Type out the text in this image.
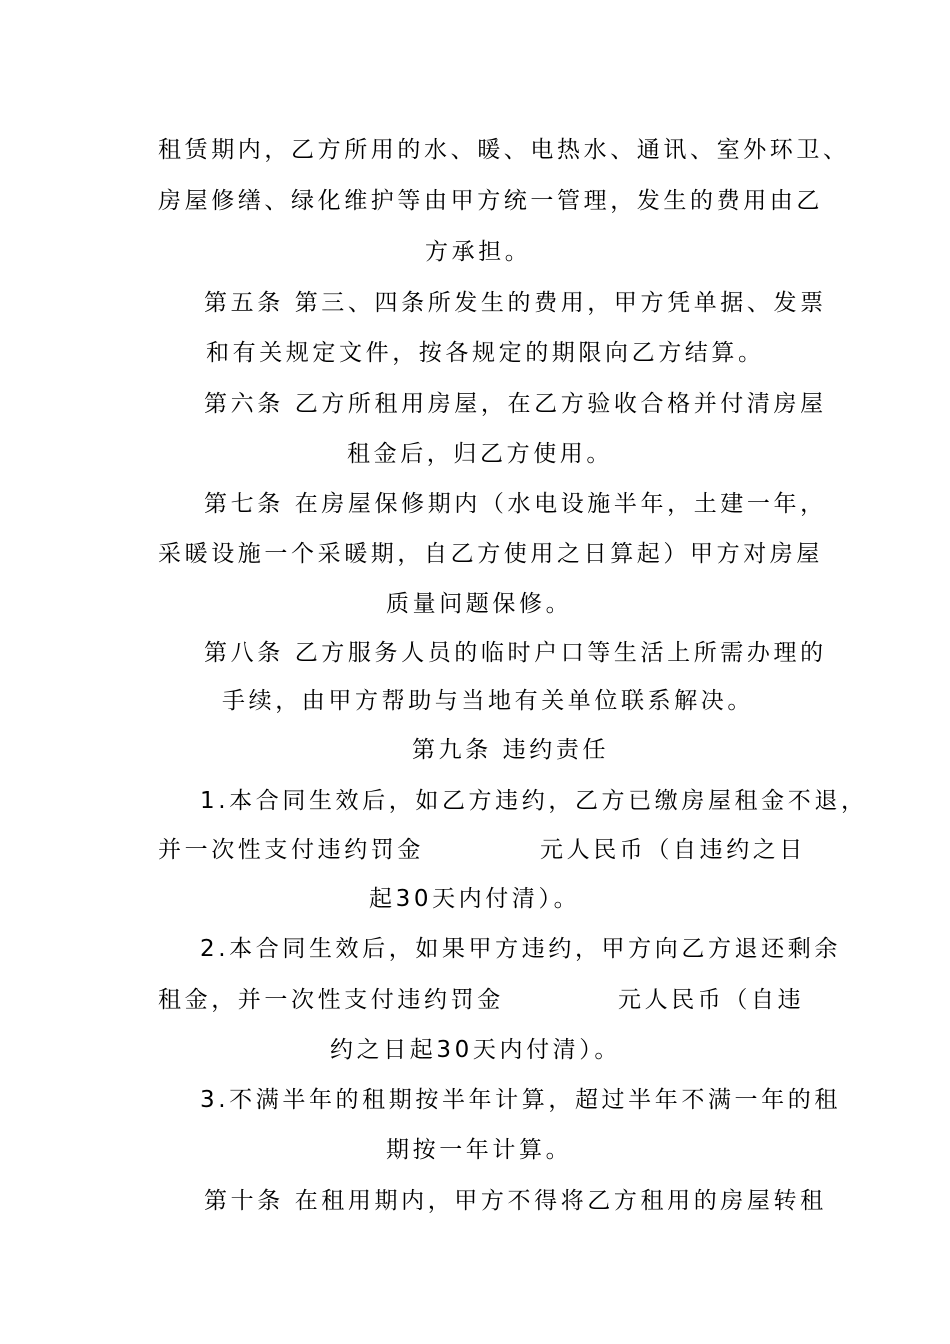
租赁期内，乙方所用的水、暖、电热水、通讯、室外环卫、
房屋修缮、绿化维护等由甲方统一管理，发生的费用由乙
方承担。
第五条 第三、四条所发生的费用，甲方凭单据、发票
和有关规定文件，按各规定的期限向乙方结算。
第六条 乙方所租用房屋，在乙方验收合格并付清房屋
租金后，归乙方使用。
第七条 在房屋保修期内（水电设施半年，土建一年，
采暖设施一个采暖期，自乙方使用之日算起）甲方对房屋
质量问题保修。
第八条 乙方服务人员的临时户口等生活上所需办理的
手续，由甲方帮助与当地有关单位联系解决。
第九条 违约责任
1.本合同生效后，如乙方违约，乙方已缴房屋租金不退，
并一次性支付违约罚金	元人民币（自违约之日
起30天内付清）。
2.本合同生效后，如果甲方违约，甲方向乙方退还剩余
租金，并一次性支付违约罚金	元人民币（自违
约之日起30天内付清）。
3.不满半年的租期按半年计算，超过半年不满一年的租
期按一年计算。
第十条 在租用期内，甲方不得将乙方租用的房屋转租
